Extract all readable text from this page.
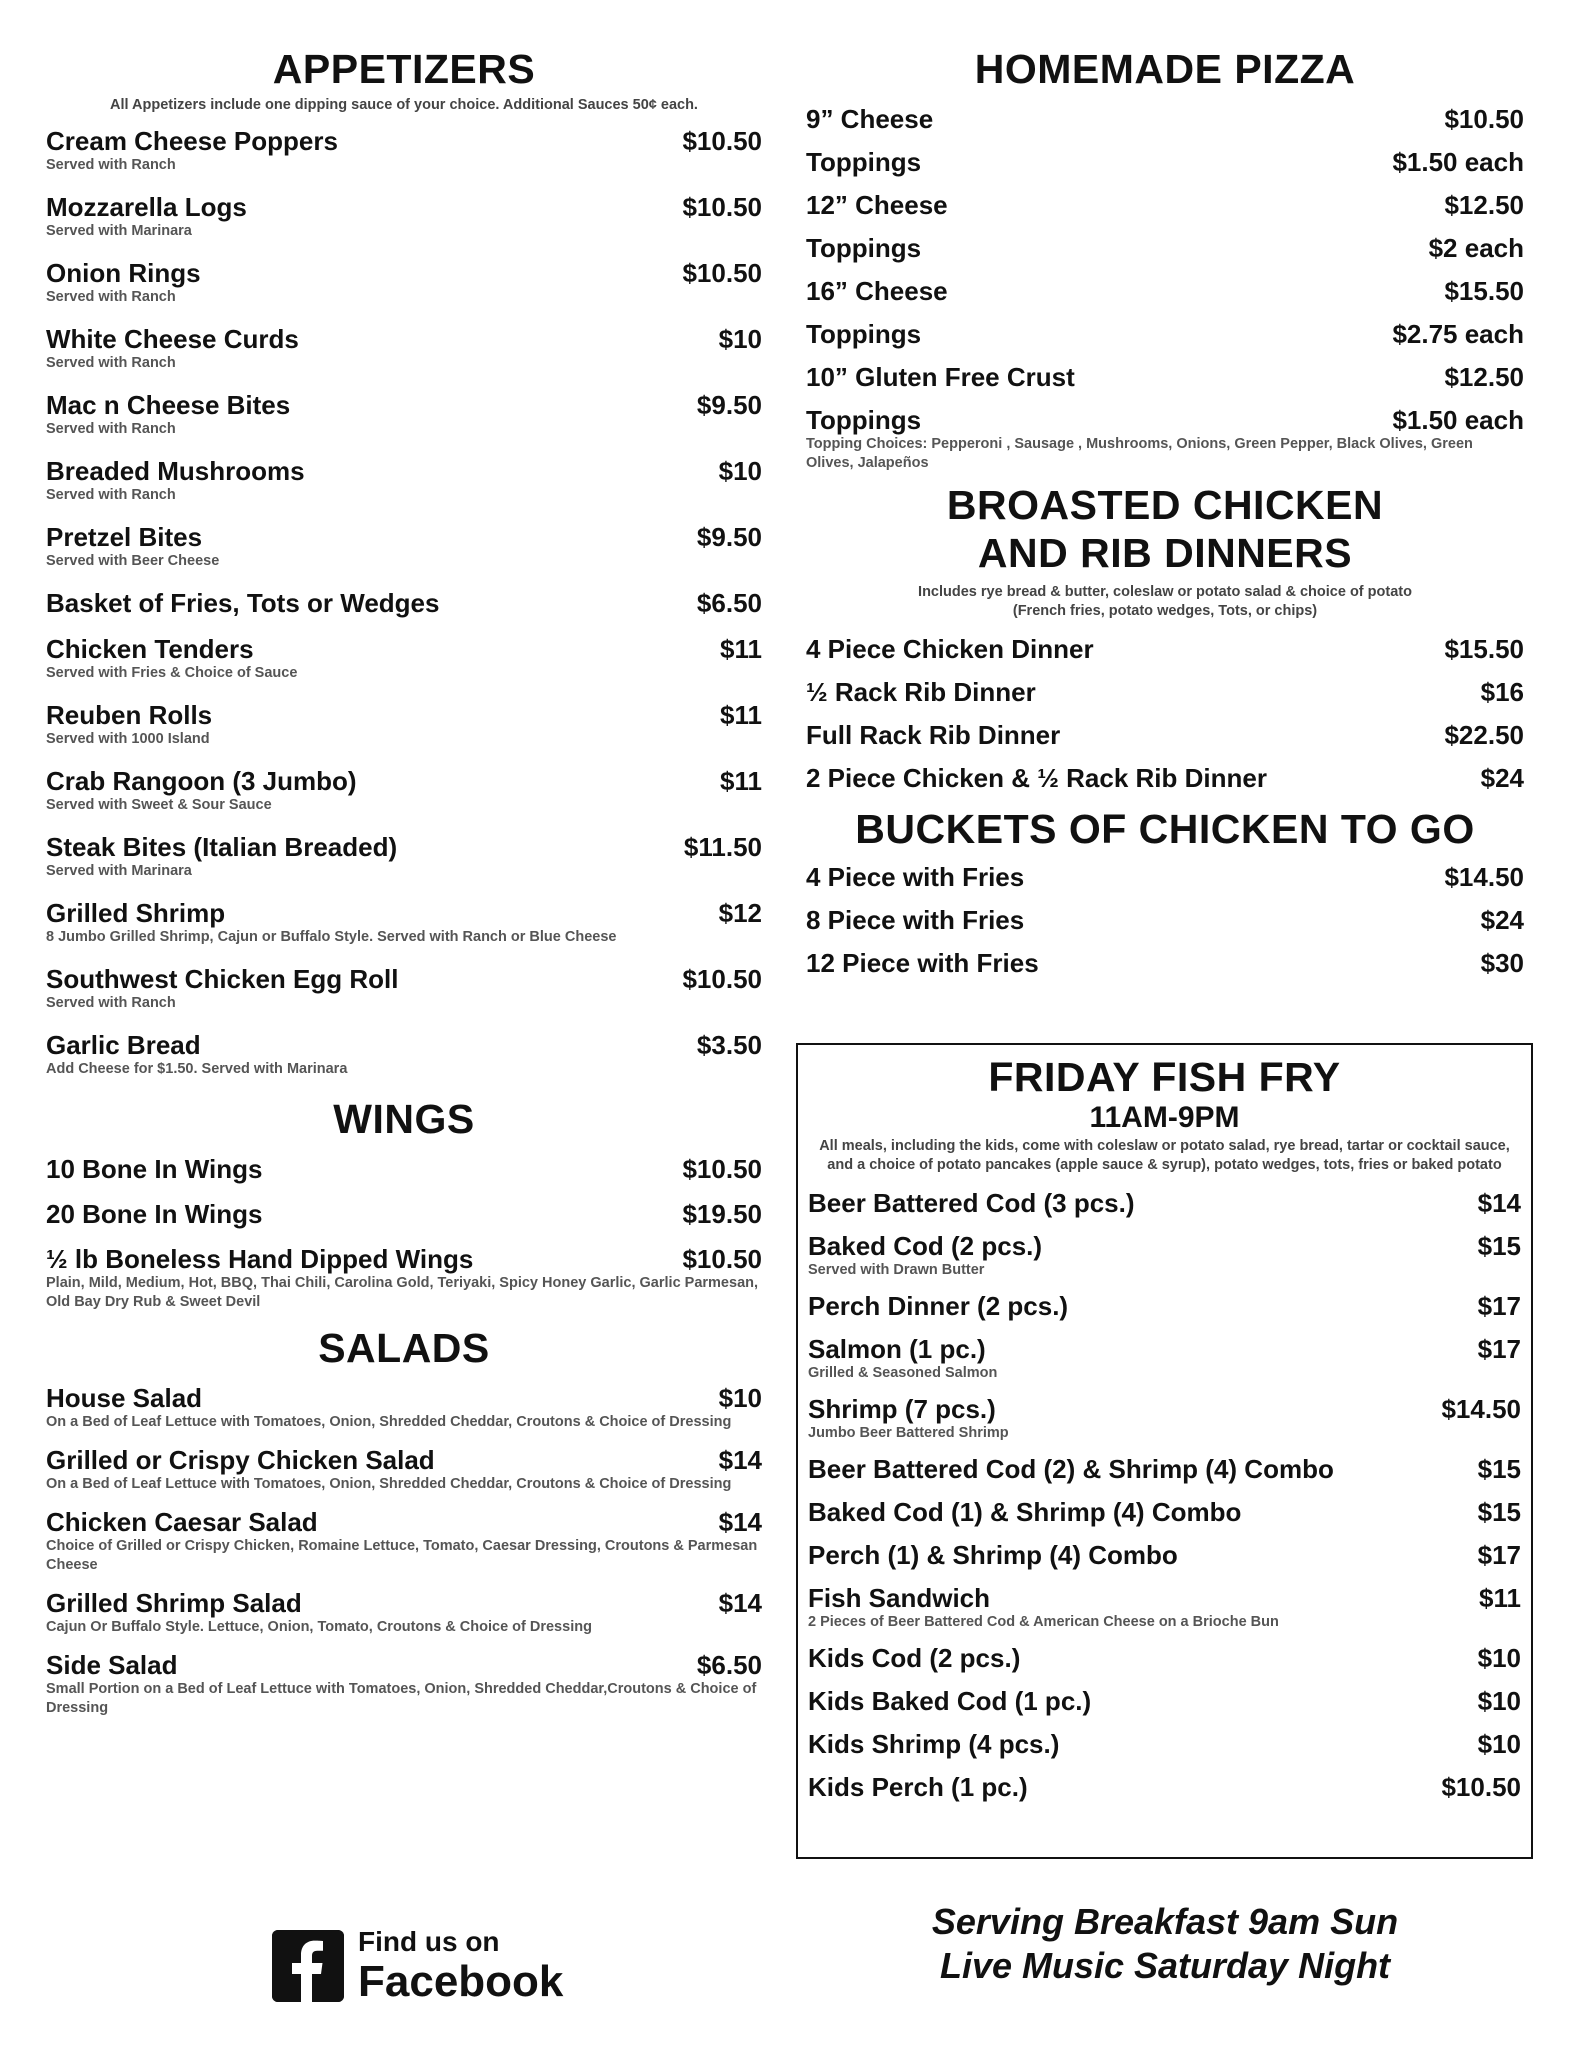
APPETIZERS
All Appetizers include one dipping sauce of your choice. Additional Sauces 50¢ each.
Cream Cheese Poppers	$10.50
Served with Ranch
Mozzarella Logs	$10.50
Served with Marinara
Onion Rings	$10.50
Served with Ranch
White Cheese Curds	$10
Served with Ranch
Mac n Cheese Bites	$9.50
Served with Ranch
Breaded Mushrooms	$10
Served with Ranch
Pretzel Bites	$9.50
Served with Beer Cheese
Basket of Fries, Tots or Wedges	$6.50
Chicken Tenders	$11
Served with Fries & Choice of Sauce
Reuben Rolls	$11
Served with 1000 Island
Crab Rangoon (3 Jumbo)	$11
Served with Sweet & Sour Sauce
Steak Bites (Italian Breaded)	$11.50
Served with Marinara
Grilled Shrimp	$12
8 Jumbo Grilled Shrimp, Cajun or Buffalo Style. Served with Ranch or Blue Cheese
Southwest Chicken Egg Roll	$10.50
Served with Ranch
Garlic Bread	$3.50
Add Cheese for $1.50. Served with Marinara
WINGS
10 Bone In Wings	$10.50
20 Bone In Wings	$19.50
½ lb Boneless Hand Dipped Wings	$10.50
Plain, Mild, Medium, Hot, BBQ, Thai Chili, Carolina Gold, Teriyaki, Spicy Honey Garlic, Garlic Parmesan, Old Bay Dry Rub & Sweet Devil
SALADS
House Salad	$10
On a Bed of Leaf Lettuce with Tomatoes, Onion, Shredded Cheddar, Croutons & Choice of Dressing
Grilled or Crispy Chicken Salad	$14
On a Bed of Leaf Lettuce with Tomatoes, Onion, Shredded Cheddar, Croutons & Choice of Dressing
Chicken Caesar Salad	$14
Choice of Grilled or Crispy Chicken, Romaine Lettuce, Tomato, Caesar Dressing, Croutons & Parmesan Cheese
Grilled Shrimp Salad	$14
Cajun Or Buffalo Style. Lettuce, Onion, Tomato, Croutons & Choice of Dressing
Side Salad	$6.50
Small Portion on a Bed of Leaf Lettuce with Tomatoes, Onion, Shredded Cheddar,Croutons & Choice of Dressing
HOMEMADE PIZZA
9” Cheese	$10.50
Toppings	$1.50 each
12” Cheese	$12.50
Toppings	$2 each
16” Cheese	$15.50
Toppings	$2.75 each
10” Gluten Free Crust	$12.50
Toppings	$1.50 each
Topping Choices: Pepperoni , Sausage , Mushrooms, Onions, Green Pepper, Black Olives, Green Olives, Jalapeños
BROASTED CHICKEN
AND RIB DINNERS
Includes rye bread & butter, coleslaw or potato salad & choice of potato
(French fries, potato wedges, Tots, or chips)
4 Piece Chicken Dinner	$15.50
½ Rack Rib Dinner	$16
Full Rack Rib Dinner	$22.50
2 Piece Chicken & ½ Rack Rib Dinner	$24
BUCKETS OF CHICKEN TO GO
4 Piece with Fries	$14.50
8 Piece with Fries	$24
12 Piece with Fries	$30
FRIDAY FISH FRY
11AM-9PM
All meals, including the kids, come with coleslaw or potato salad, rye bread, tartar or cocktail sauce,
and a choice of potato pancakes (apple sauce & syrup), potato wedges, tots, fries or baked potato
Beer Battered Cod (3 pcs.)	$14
Baked Cod (2 pcs.)	$15
Served with Drawn Butter
Perch Dinner (2 pcs.)	$17
Salmon (1 pc.)	$17
Grilled & Seasoned Salmon
Shrimp (7 pcs.)	$14.50
Jumbo Beer Battered Shrimp
Beer Battered Cod (2) & Shrimp (4) Combo	$15
Baked Cod (1) & Shrimp (4) Combo	$15
Perch (1) & Shrimp (4) Combo	$17
Fish Sandwich	$11
2 Pieces of Beer Battered Cod & American Cheese on a Brioche Bun
Kids Cod (2 pcs.)	$10
Kids Baked Cod (1 pc.)	$10
Kids Shrimp (4 pcs.)	$10
Kids Perch (1 pc.)	$10.50
Find us on
Facebook
Serving Breakfast 9am Sun
Live Music Saturday Night
